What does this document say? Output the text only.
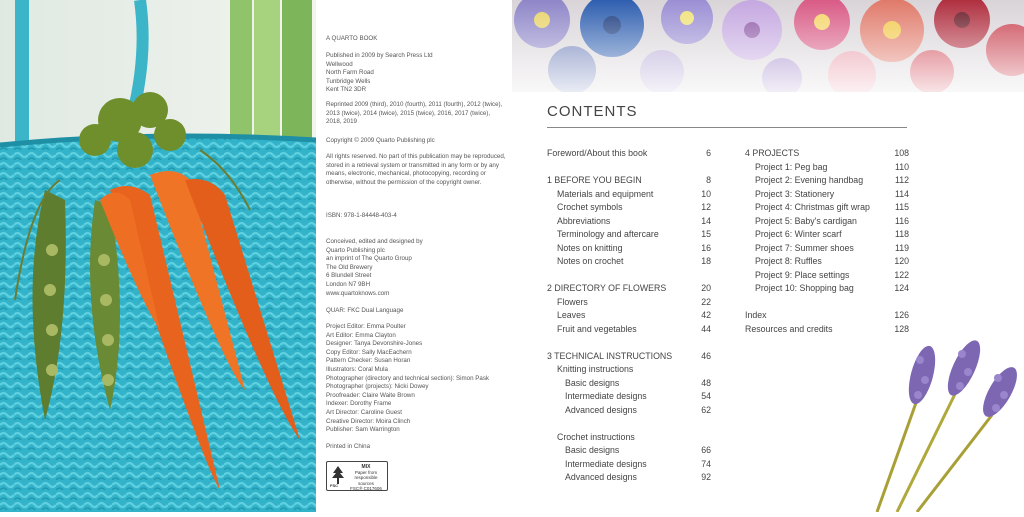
A QUARTO BOOK
Published in 2009 by Search Press Ltd
Wellwood
North Farm Road
Tunbridge Wells
Kent TN2 3DR
Reprinted 2009 (third), 2010 (fourth), 2011 (fourth), 2012 (twice), 2013 (twice), 2014 (twice), 2015 (twice), 2016, 2017 (twice), 2018, 2019
Copyright © 2009 Quarto Publishing plc
All rights reserved. No part of this publication may be reproduced, stored in a retrieval system or transmitted in any form or by any means, electronic, mechanical, photocopying, recording or otherwise, without the permission of the copyright owner.
ISBN: 978-1-84448-403-4
Conceived, edited and designed by
Quarto Publishing plc
an imprint of The Quarto Group
The Old Brewery
6 Blundell Street
London N7 9BH
www.quartoknows.com
QUAR: FKC Dual Language
Project Editor: Emma Poulter
Art Editor: Emma Clayton
Designer: Tanya Devonshire-Jones
Copy Editor: Sally MacEachern
Pattern Checker: Susan Horan
Illustrators: Coral Mula
Photographer (directory and technical section): Simon Pask
Photographer (projects): Nicki Dowey
Proofreader: Claire Waite Brown
Indexer: Dorothy Frame
Art Director: Caroline Guest
Creative Director: Moira Clinch
Publisher: Sam Warrington
Printed in China
MIX
Paper from
responsible sources
FSC® C017606
FSC
CONTENTS
Foreword/About this book	6
1 BEFORE YOU BEGIN	8
Materials and equipment	10
Crochet symbols	12
Abbreviations	14
Terminology and aftercare	15
Notes on knitting	16
Notes on crochet	18
2 DIRECTORY OF FLOWERS	20
Flowers	22
Leaves	42
Fruit and vegetables	44
3 TECHNICAL INSTRUCTIONS	46
Knitting instructions
Basic designs	48
Intermediate designs	54
Advanced designs	62
Crochet instructions
Basic designs	66
Intermediate designs	74
Advanced designs	92
4 PROJECTS	108
Project 1: Peg bag	110
Project 2: Evening handbag	112
Project 3: Stationery	114
Project 4: Christmas gift wrap	115
Project 5: Baby's cardigan	116
Project 6: Winter scarf	118
Project 7: Summer shoes	119
Project 8: Ruffles	120
Project 9: Place settings	122
Project 10: Shopping bag	124
Index	126
Resources and credits	128
